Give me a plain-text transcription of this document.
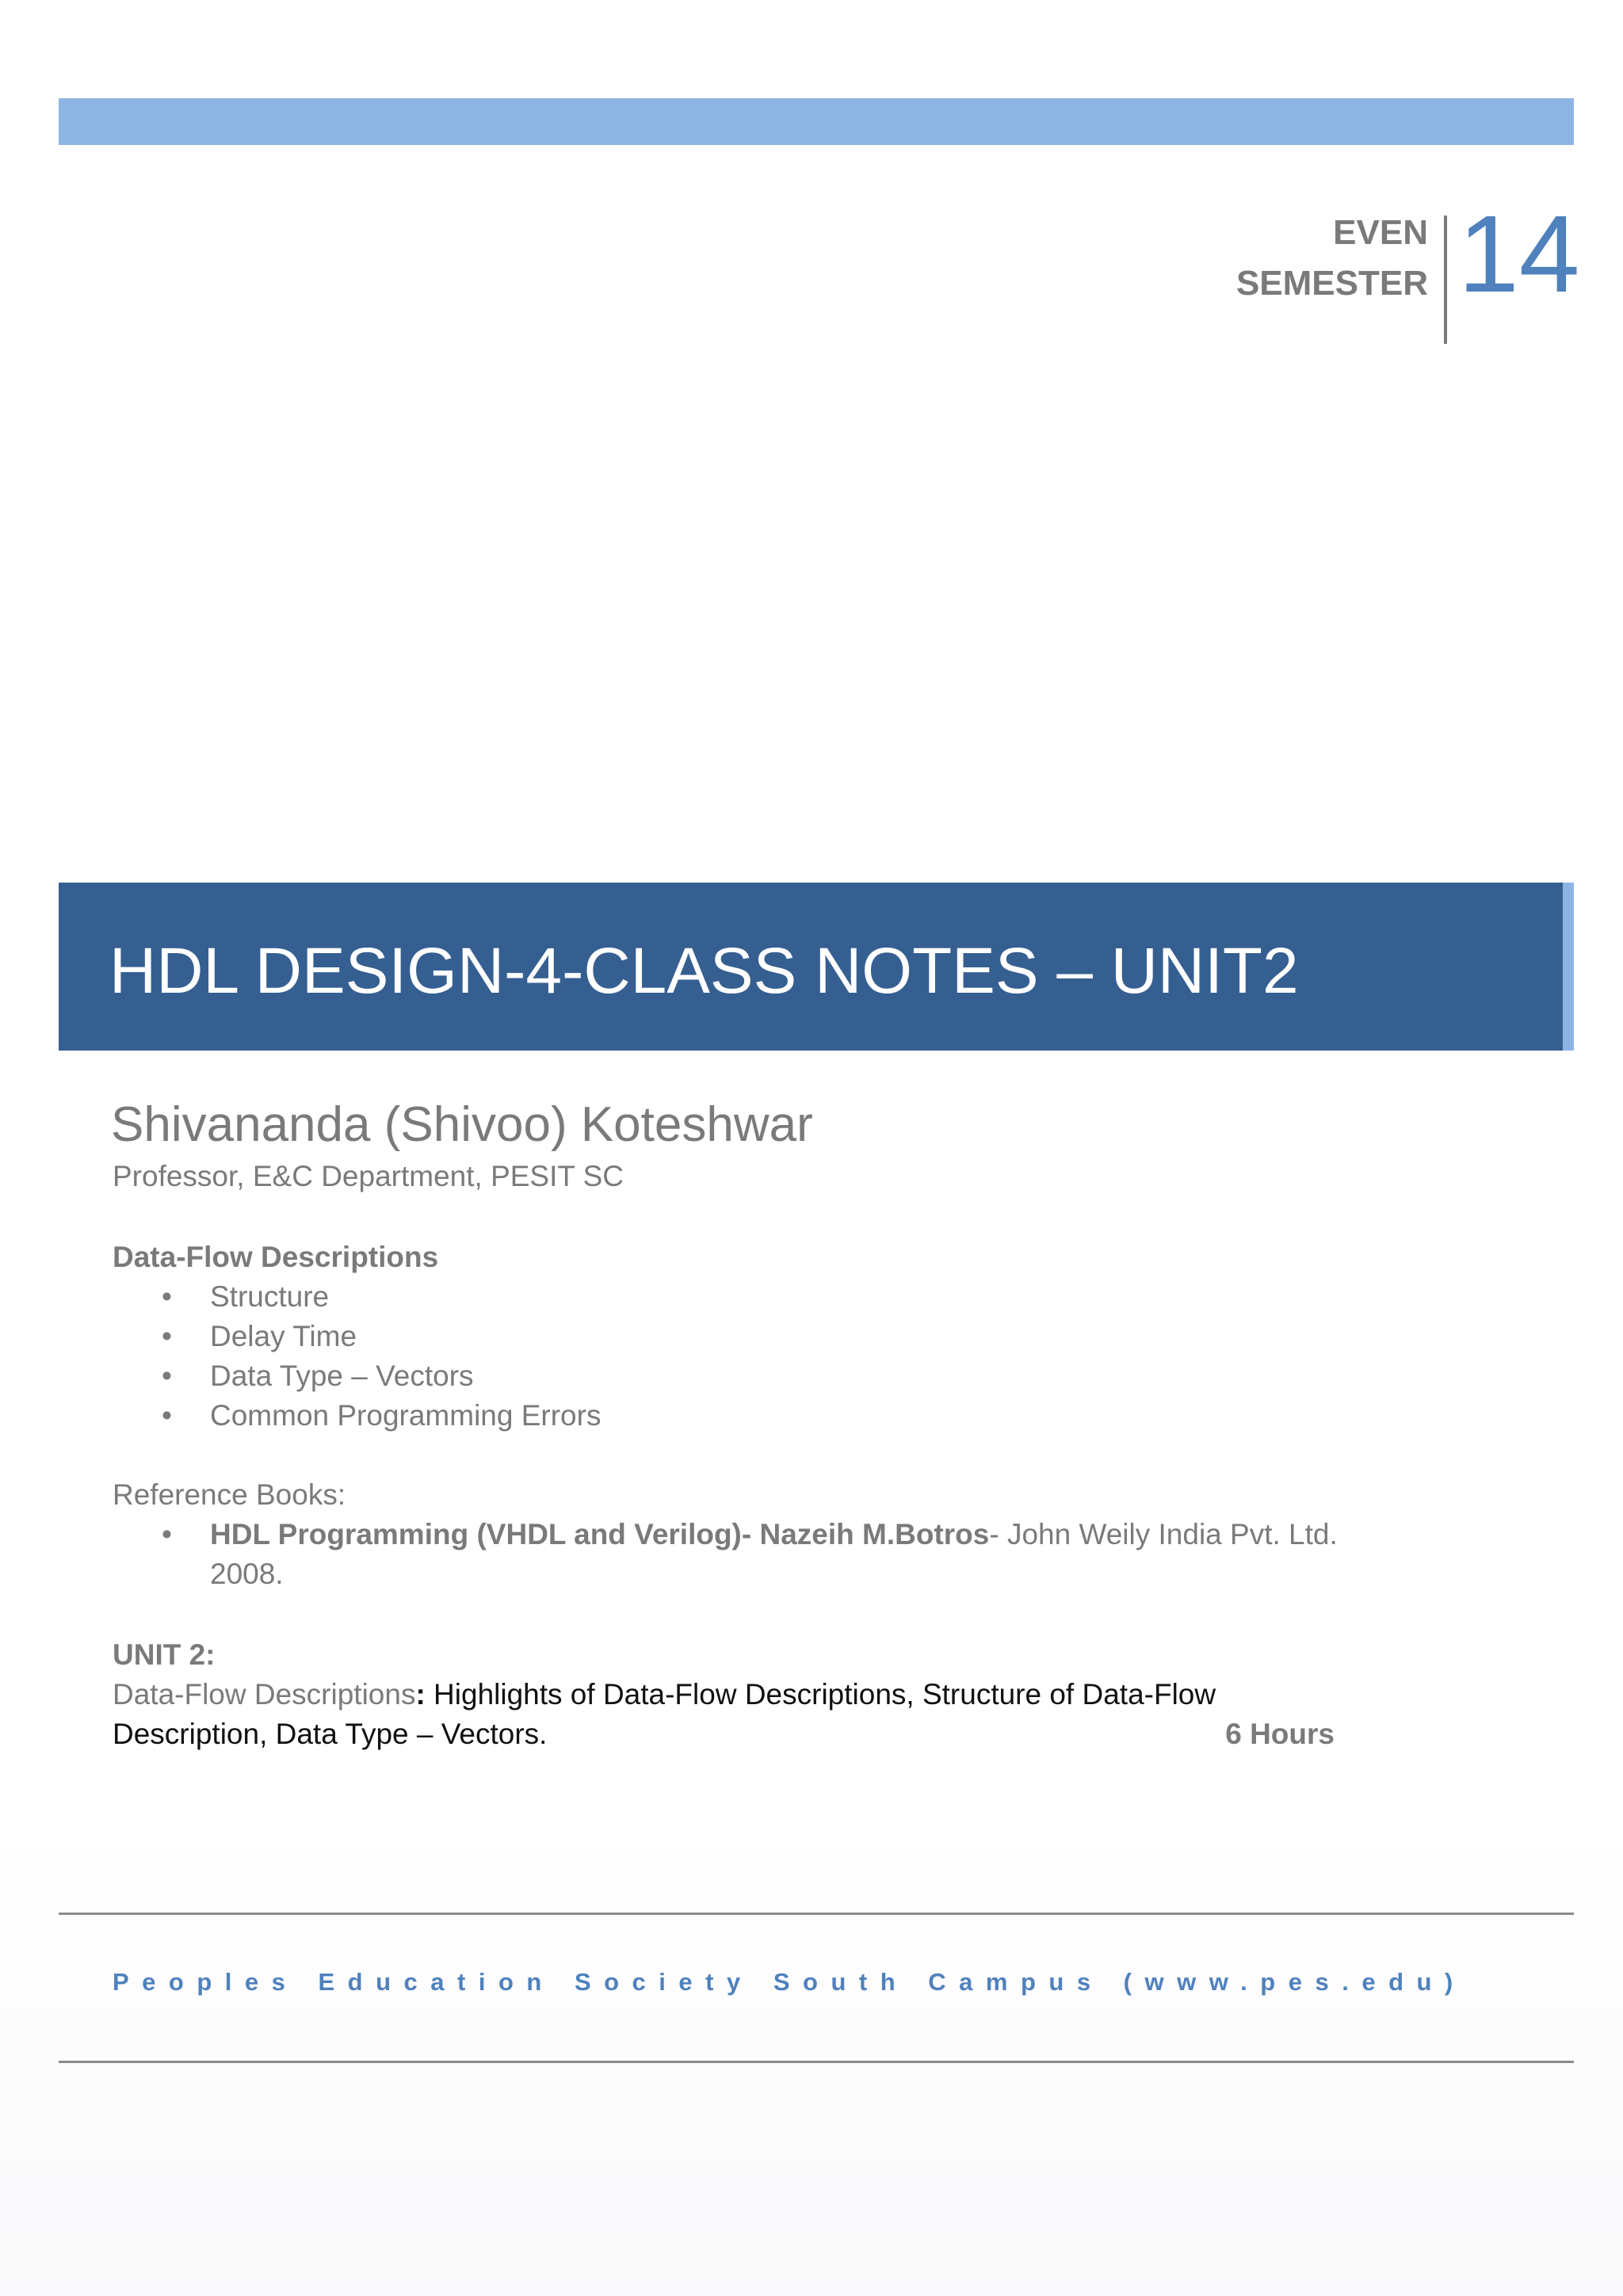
EVEN
SEMESTER 14
HDL DESIGN-4-CLASS NOTES – UNIT2
Shivananda (Shivoo) Koteshwar
Professor, E&C Department, PESIT SC
Data-Flow Descriptions
• Structure
• Delay Time
• Data Type – Vectors
• Common Programming Errors
Reference Books:
• HDL Programming (VHDL and Verilog)- Nazeih M.Botros- John Weily India Pvt. Ltd. 2008.
UNIT 2:
Data-Flow Descriptions: Highlights of Data-Flow Descriptions, Structure of Data-Flow
Description, Data Type – Vectors.	6 Hours
Peoples Education Society South Campus (www.pes.edu)
